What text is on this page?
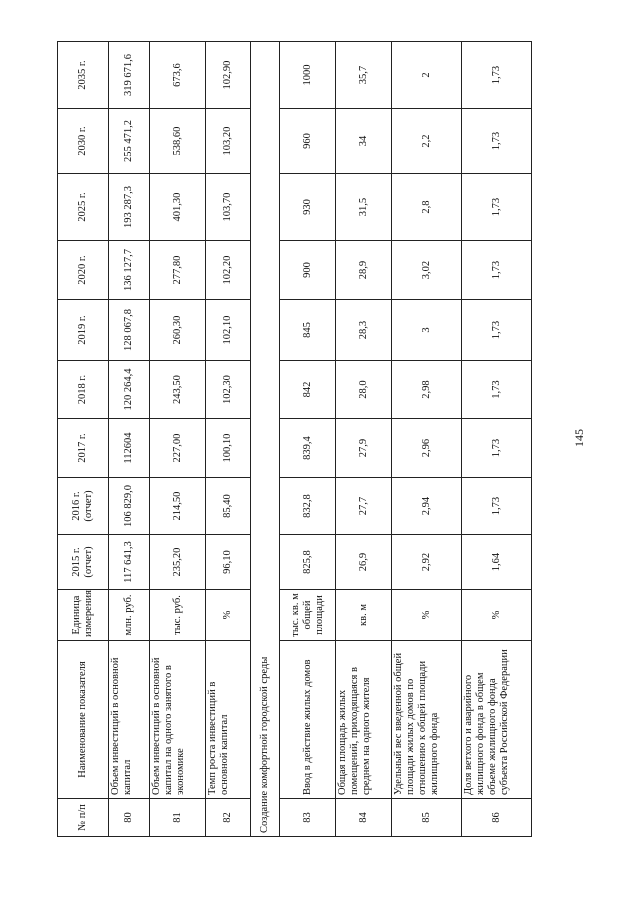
№ п/п	Наименование показателя	Единица измерения	2015 г. (отчет)	2016 г. (отчет)	2017 г.	2018 г.	2019 г.	2020 г.	2025 г.	2030 г.	2035 г.
80	Объем инвестиций в основной капитал	млн. руб.	117 641,3	106 829,0	112604	120 264,4	128 067,8	136 127,7	193 287,3	255 471,2	319 671,6
81	Объем инвестиций в основной капитал на одного занятого в экономике	тыс. руб.	235,20	214,50	227,00	243,50	260,30	277,80	401,30	538,60	673,6
82	Темп роста инвестиций в основной капитал	%	96,10	85,40	100,10	102,30	102,10	102,20	103,70	103,20	102,90
Создание комфортной городской среды											
83	Ввод в действие жилых домов	тыс. кв. м общей площади	825,8	832,8	839,4	842	845	900	930	960	1000
84	Общая площадь жилых помещений, приходящаяся в среднем на одного жителя	кв. м	26,9	27,7	27,9	28,0	28,3	28,9	31,5	34	35,7
85	Удельный вес введенной общей площади жилых домов по отношению к общей площади жилищного фонда	%	2,92	2,94	2,96	2,98	3	3,02	2,8	2,2	2
86	Доля ветхого и аварийного жилищного фонда в общем объеме жилищного фонда субъекта Российской Федерации	%	1,64	1,73	1,73	1,73	1,73	1,73	1,73	1,73	1,73
145
